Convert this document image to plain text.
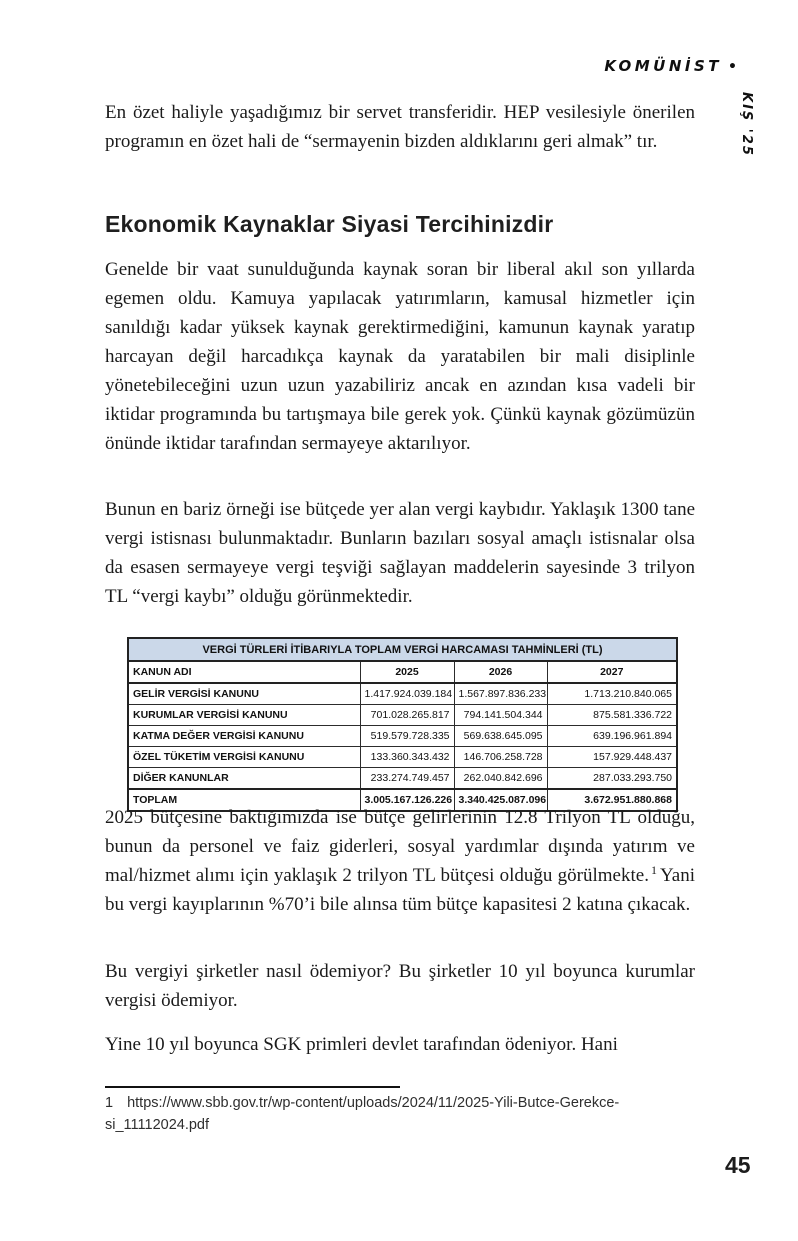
KOMÜNİST •
KIŞ '25

En özet haliyle yaşadığımız bir servet transferidir. HEP vesilesiyle önerilen programın en özet hali de “sermayenin bizden aldıklarını geri almak” tır.

Ekonomik Kaynaklar Siyasi Tercihinizdir

Genelde bir vaat sunulduğunda kaynak soran bir liberal akıl son yıllarda egemen oldu. Kamuya yapılacak yatırımların, kamusal hizmetler için sanıldığı kadar yüksek kaynak gerektirmediğini, kamunun kaynak yaratıp harcayan değil harcadıkça kaynak da yaratabilen bir mali disiplinle yönetebileceğini uzun uzun yazabiliriz ancak en azından kısa vadeli bir iktidar programında bu tartışmaya bile gerek yok. Çünkü kaynak gözümüzün önünde iktidar tarafından sermayeye aktarılıyor.

Bunun en bariz örneği ise bütçede yer alan vergi kaybıdır. Yaklaşık 1300 tane vergi istisnası bulunmaktadır. Bunların bazıları sosyal amaçlı istisnalar olsa da esasen sermayeye vergi teşviği sağlayan maddelerin sayesinde 3 trilyon TL “vergi kaybı” olduğu görünmektedir.

VERGİ TÜRLERİ İTİBARIYLA TOPLAM VERGİ HARCAMASI TAHMİNLERİ (TL)			
KANUN ADI	2025	2026	2027
GELİR VERGİSİ KANUNU	1.417.924.039.184	1.567.897.836.233	1.713.210.840.065
KURUMLAR VERGİSİ KANUNU	701.028.265.817	794.141.504.344	875.581.336.722
KATMA DEĞER VERGİSİ KANUNU	519.579.728.335	569.638.645.095	639.196.961.894
ÖZEL TÜKETİM VERGİSİ KANUNU	133.360.343.432	146.706.258.728	157.929.448.437
DİĞER KANUNLAR	233.274.749.457	262.040.842.696	287.033.293.750
TOPLAM	3.005.167.126.226	3.340.425.087.096	3.672.951.880.868

2025 bütçesine baktığımızda ise bütçe gelirlerinin 12.8 Trilyon TL olduğu, bunun da personel ve faiz giderleri, sosyal yardımlar dışında yatırım ve mal/hizmet alımı için yaklaşık 2 trilyon TL bütçesi olduğu görülmekte. $^1$ Yani bu vergi kayıplarının %70’i bile alınsa tüm bütçe kapasitesi 2 katına çıkacak.

Bu vergiyi şirketler nasıl ödemiyor? Bu şirketler 10 yıl boyunca kurumlar vergisi ödemiyor.

Yine 10 yıl boyunca SGK primleri devlet tarafından ödeniyor. Hani

1 https://www.sbb.gov.tr/wp-content/uploads/2024/11/2025-Yili-Butce-Gerekce-
si_11112024.pdf
45
